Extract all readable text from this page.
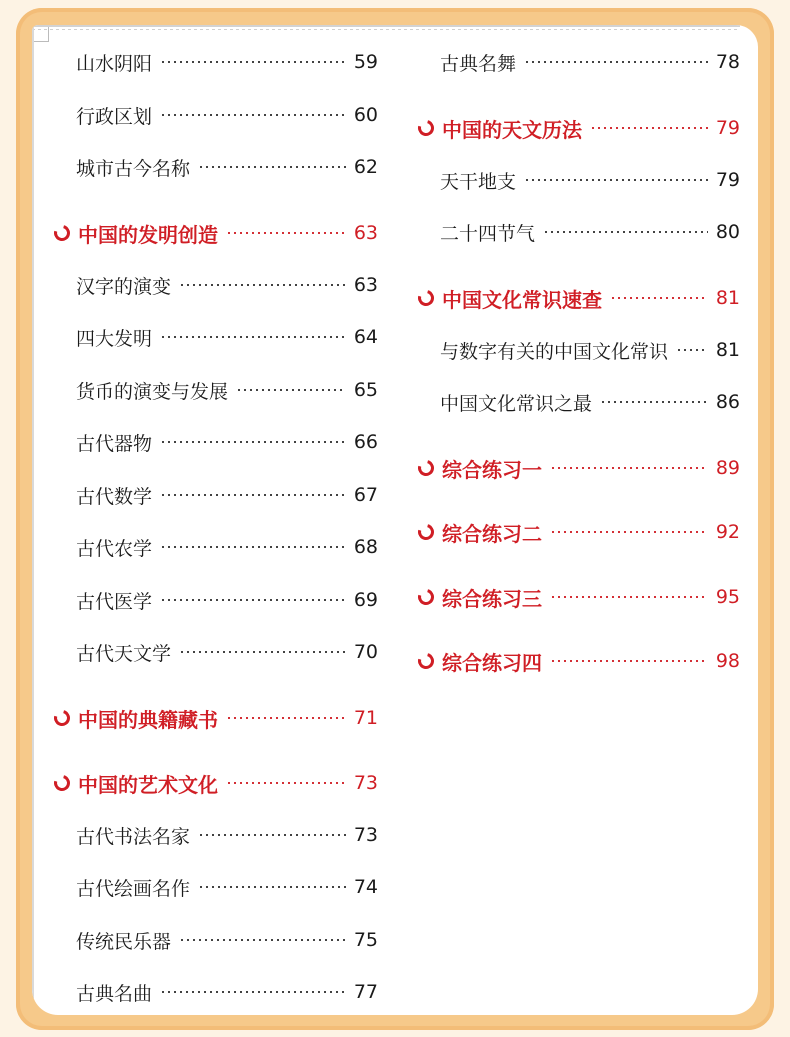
山水阴阳	59
行政区划	60
城市古今名称	62
中国的发明创造	63
汉字的演变	63
四大发明	64
货币的演变与发展	65
古代器物	66
古代数学	67
古代农学	68
古代医学	69
古代天文学	70
中国的典籍藏书	71
中国的艺术文化	73
古代书法名家	73
古代绘画名作	74
传统民乐器	75
古典名曲	77
古典名舞	78
中国的天文历法	79
天干地支	79
二十四节气	80
中国文化常识速查	81
与数字有关的中国文化常识	81
中国文化常识之最	86
综合练习一	89
综合练习二	92
综合练习三	95
综合练习四	98
